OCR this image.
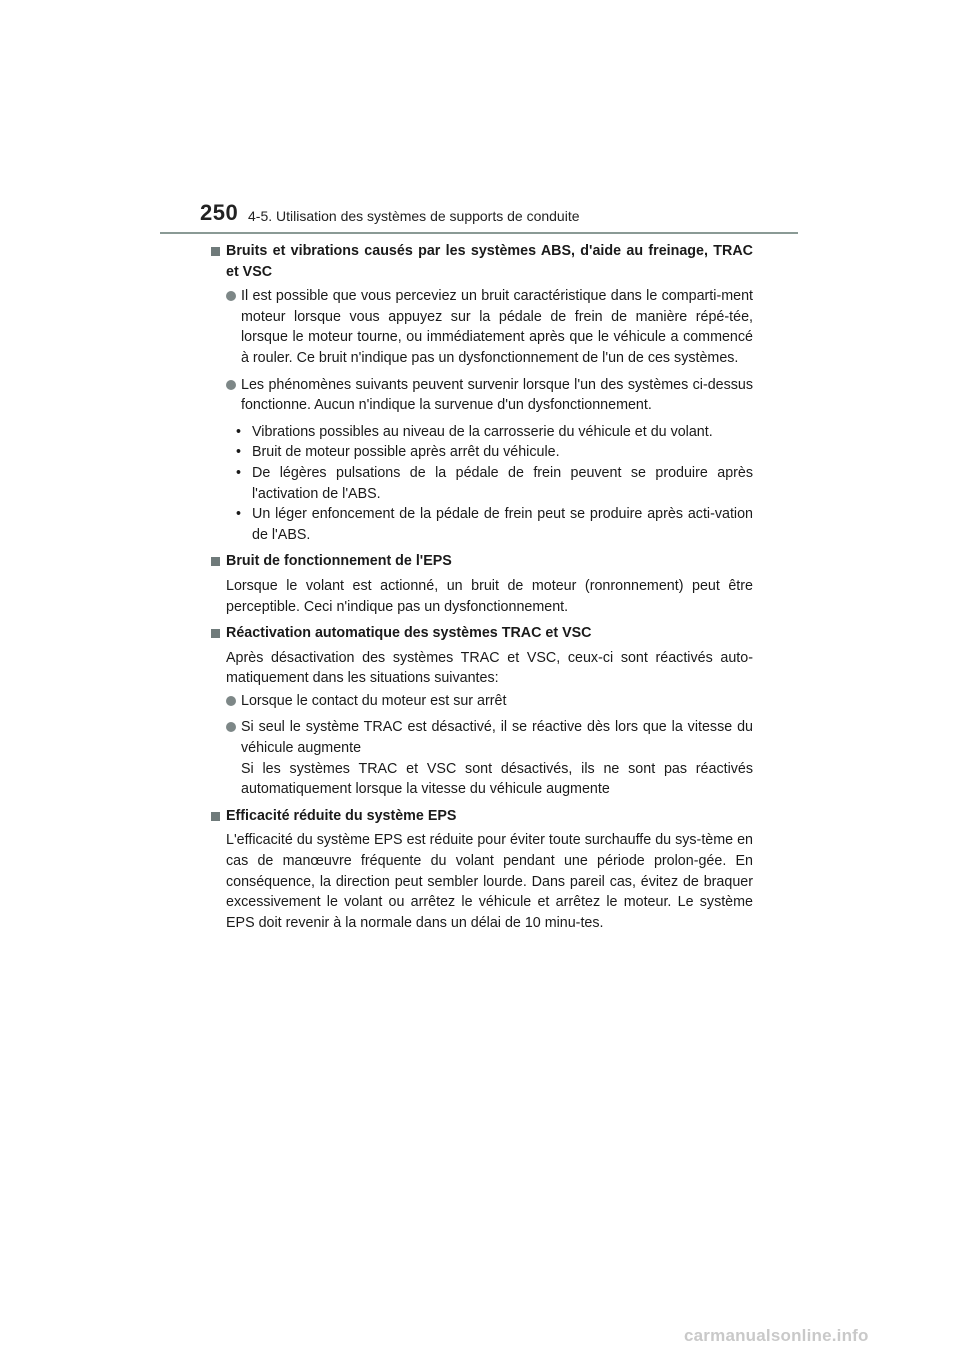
250 4-5. Utilisation des systèmes de supports de conduite
Bruits et vibrations causés par les systèmes ABS, d'aide au freinage, TRAC et VSC
Il est possible que vous perceviez un bruit caractéristique dans le comparti-ment moteur lorsque vous appuyez sur la pédale de frein de manière répé-tée, lorsque le moteur tourne, ou immédiatement après que le véhicule a commencé à rouler. Ce bruit n'indique pas un dysfonctionnement de l'un de ces systèmes.
Les phénomènes suivants peuvent survenir lorsque l'un des systèmes ci-dessus fonctionne. Aucun n'indique la survenue d'un dysfonctionnement.
• Vibrations possibles au niveau de la carrosserie du véhicule et du volant.
• Bruit de moteur possible après arrêt du véhicule.
• De légères pulsations de la pédale de frein peuvent se produire après l'activation de l'ABS.
• Un léger enfoncement de la pédale de frein peut se produire après acti-vation de l'ABS.
Bruit de fonctionnement de l'EPS
Lorsque le volant est actionné, un bruit de moteur (ronronnement) peut être perceptible. Ceci n'indique pas un dysfonctionnement.
Réactivation automatique des systèmes TRAC et VSC
Après désactivation des systèmes TRAC et VSC, ceux-ci sont réactivés auto-matiquement dans les situations suivantes:
Lorsque le contact du moteur est sur arrêt
Si seul le système TRAC est désactivé, il se réactive dès lors que la vitesse du véhicule augmente
Si les systèmes TRAC et VSC sont désactivés, ils ne sont pas réactivés automatiquement lorsque la vitesse du véhicule augmente
Efficacité réduite du système EPS
L'efficacité du système EPS est réduite pour éviter toute surchauffe du sys-tème en cas de manœuvre fréquente du volant pendant une période prolon-gée. En conséquence, la direction peut sembler lourde. Dans pareil cas, évitez de braquer excessivement le volant ou arrêtez le véhicule et arrêtez le moteur. Le système EPS doit revenir à la normale dans un délai de 10 minu-tes.
carmanualsonline.info
